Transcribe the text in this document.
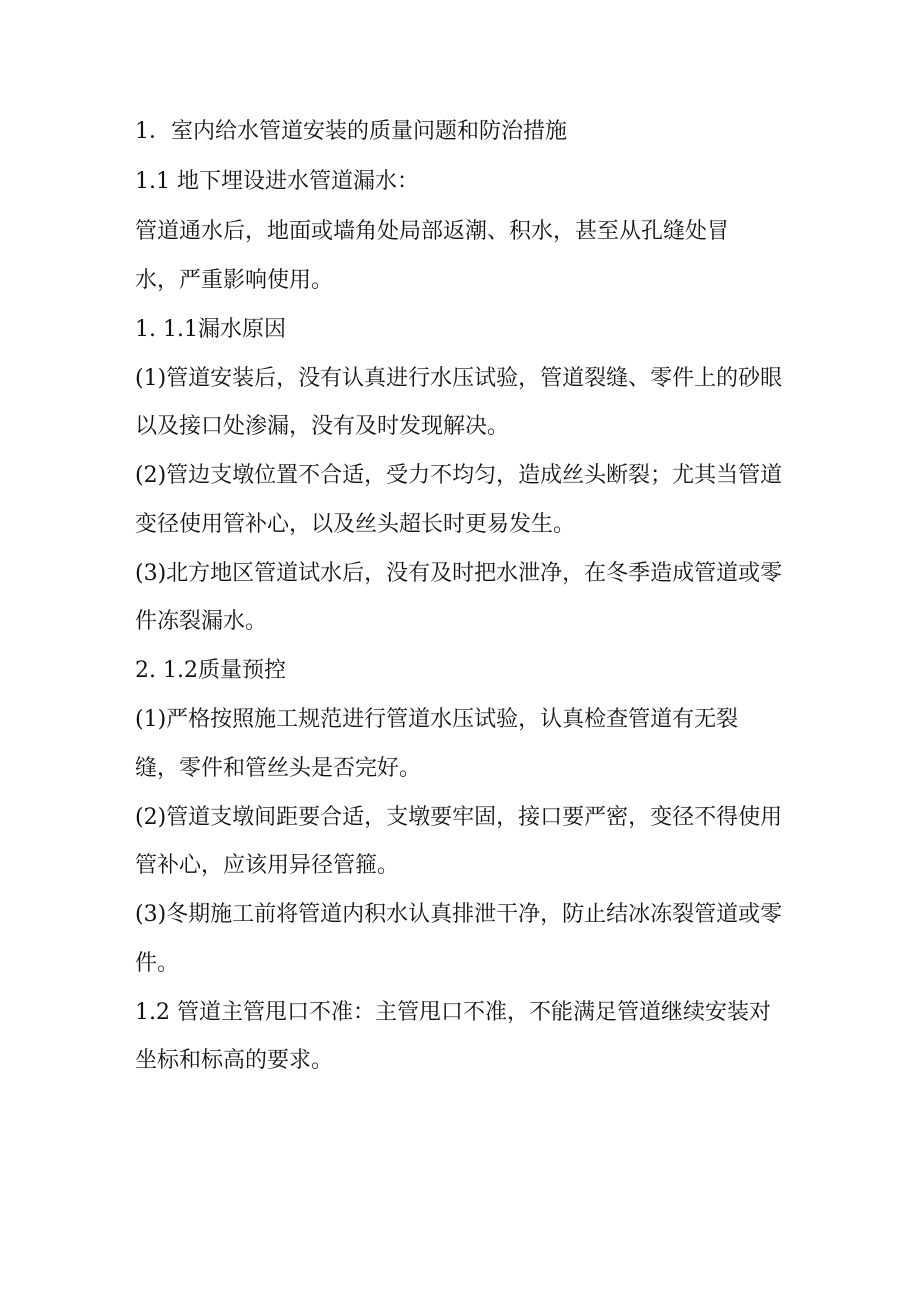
1．室内给水管道安装的质量问题和防治措施
1.1 地下埋设进水管道漏水：
管道通水后，地面或墙角处局部返潮、积水，甚至从孔缝处冒
水，严重影响使用。
1. 1.1漏水原因
(1)管道安装后，没有认真进行水压试验，管道裂缝、零件上的砂眼
以及接口处渗漏，没有及时发现解决。
(2)管边支墩位置不合适，受力不均匀，造成丝头断裂；尤其当管道
变径使用管补心，以及丝头超长时更易发生。
(3)北方地区管道试水后，没有及时把水泄净，在冬季造成管道或零
件冻裂漏水。
2. 1.2质量预控
(1)严格按照施工规范进行管道水压试验，认真检查管道有无裂
缝，零件和管丝头是否完好。
(2)管道支墩间距要合适，支墩要牢固，接口要严密，变径不得使用
管补心，应该用异径管箍。
(3)冬期施工前将管道内积水认真排泄干净，防止结冰冻裂管道或零
件。
1.2 管道主管甩口不准：主管甩口不准，不能满足管道继续安装对
坐标和标高的要求。
